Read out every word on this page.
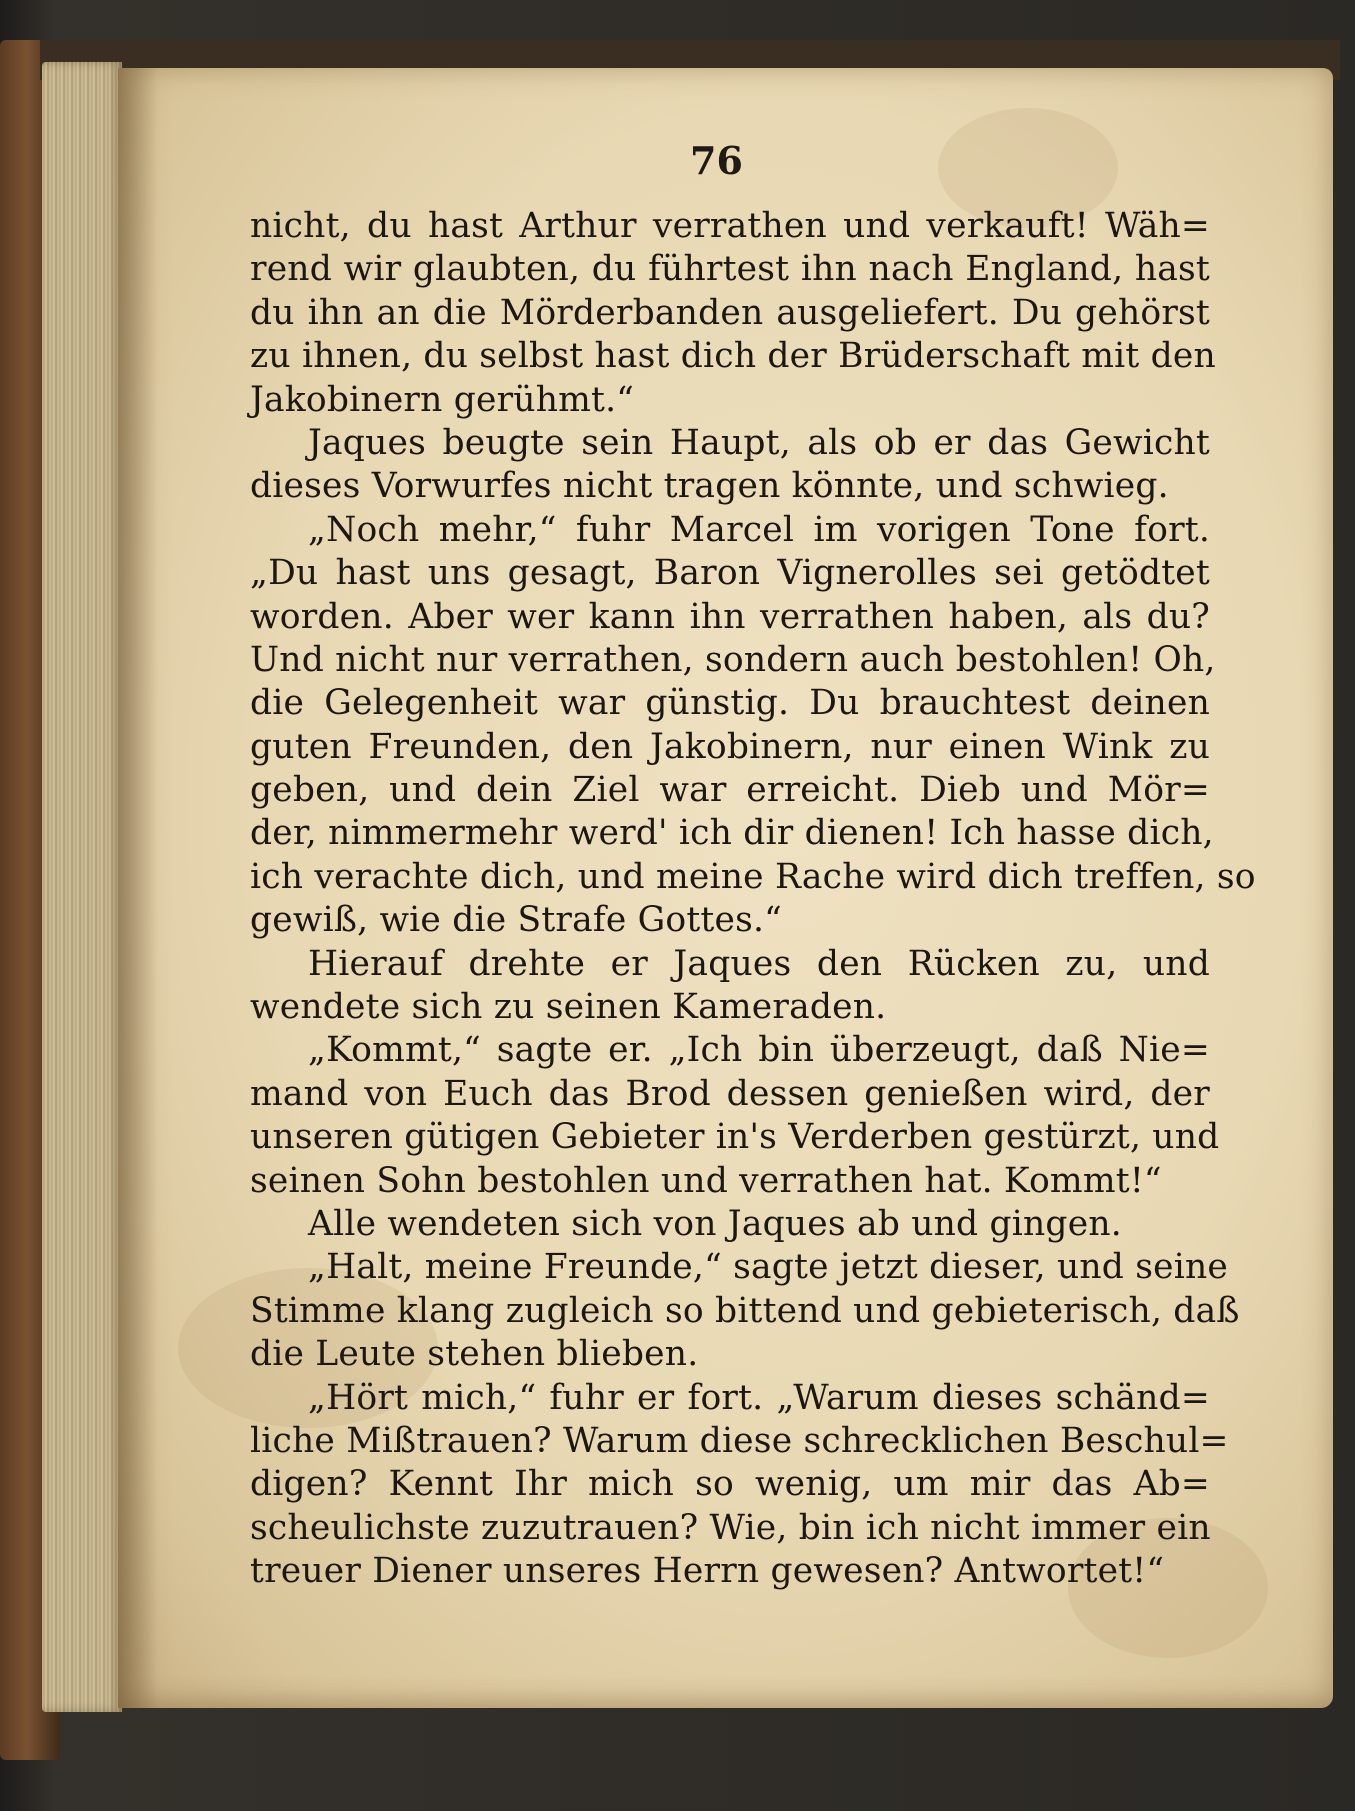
76
nicht, du hast Arthur verrathen und verkauft! Wäh=
rend wir glaubten, du führtest ihn nach England, hast
du ihn an die Mörderbanden ausgeliefert. Du gehörst
zu ihnen, du selbst hast dich der Brüderschaft mit den
Jakobinern gerühmt.“
Jaques beugte sein Haupt, als ob er das Gewicht
dieses Vorwurfes nicht tragen könnte, und schwieg.
„Noch mehr,“ fuhr Marcel im vorigen Tone fort.
„Du hast uns gesagt, Baron Vignerolles sei getödtet
worden. Aber wer kann ihn verrathen haben, als du?
Und nicht nur verrathen, sondern auch bestohlen! Oh,
die Gelegenheit war günstig. Du brauchtest deinen
guten Freunden, den Jakobinern, nur einen Wink zu
geben, und dein Ziel war erreicht. Dieb und Mör=
der, nimmermehr werd' ich dir dienen! Ich hasse dich,
ich verachte dich, und meine Rache wird dich treffen, so
gewiß, wie die Strafe Gottes.“
Hierauf drehte er Jaques den Rücken zu, und
wendete sich zu seinen Kameraden.
„Kommt,“ sagte er. „Ich bin überzeugt, daß Nie=
mand von Euch das Brod dessen genießen wird, der
unseren gütigen Gebieter in's Verderben gestürzt, und
seinen Sohn bestohlen und verrathen hat. Kommt!“
Alle wendeten sich von Jaques ab und gingen.
„Halt, meine Freunde,“ sagte jetzt dieser, und seine
Stimme klang zugleich so bittend und gebieterisch, daß
die Leute stehen blieben.
„Hört mich,“ fuhr er fort. „Warum dieses schänd=
liche Mißtrauen? Warum diese schrecklichen Beschul=
digen? Kennt Ihr mich so wenig, um mir das Ab=
scheulichste zuzutrauen? Wie, bin ich nicht immer ein
treuer Diener unseres Herrn gewesen? Antwortet!“
